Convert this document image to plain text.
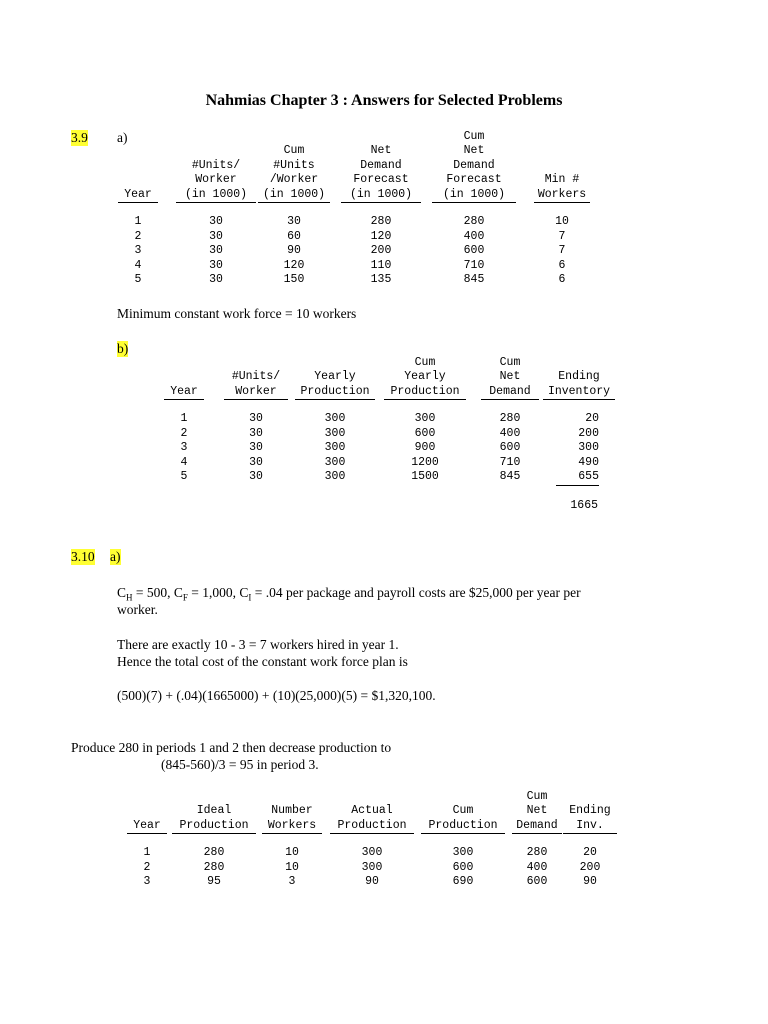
Nahmias Chapter 3 : Answers for Selected Problems
3.9 a)
Year
1
2
3
4
5
#Units/
Worker
(in 1000)
30
30
30
30
30
Cum
#Units
/Worker
(in 1000)
30
60
90
120
150
Net
Demand
Forecast
(in 1000)
280
120
200
110
135
Cum
Net
Demand
Forecast
(in 1000)
280
400
600
710
845
Min #
Workers
10
7
7
6
6
Minimum constant work force = 10 workers
b)
Year
1
2
3
4
5
#Units/
Worker
30
30
30
30
30
Yearly
Production
300
300
300
300
300
Cum
Yearly
Production
300
600
900
1200
1500
Cum
Net
Demand
280
400
600
710
845
Ending
Inventory
20
200
300
490
655
1665
3.10 a)
$C_H = 500$, $C_F = 1,000$, $C_I = .04$ per package and payroll costs are $25,000 per year per
worker.
There are exactly 10 - 3 = 7 workers hired in year 1.
Hence the total cost of the constant work force plan is
(500)(7) + (.04)(1665000) + (10)(25,000)(5) = $1,320,100.
Produce 280 in periods 1 and 2 then decrease production to
(845-560)/3 = 95 in period 3.
Year
1
2
3
Ideal
Production
280
280
95
Number
Workers
10
10
3
Actual
Production
300
300
90
Cum
Production
300
600
690
Cum
Net
Demand
280
400
600
Ending
Inv.
20
200
90
